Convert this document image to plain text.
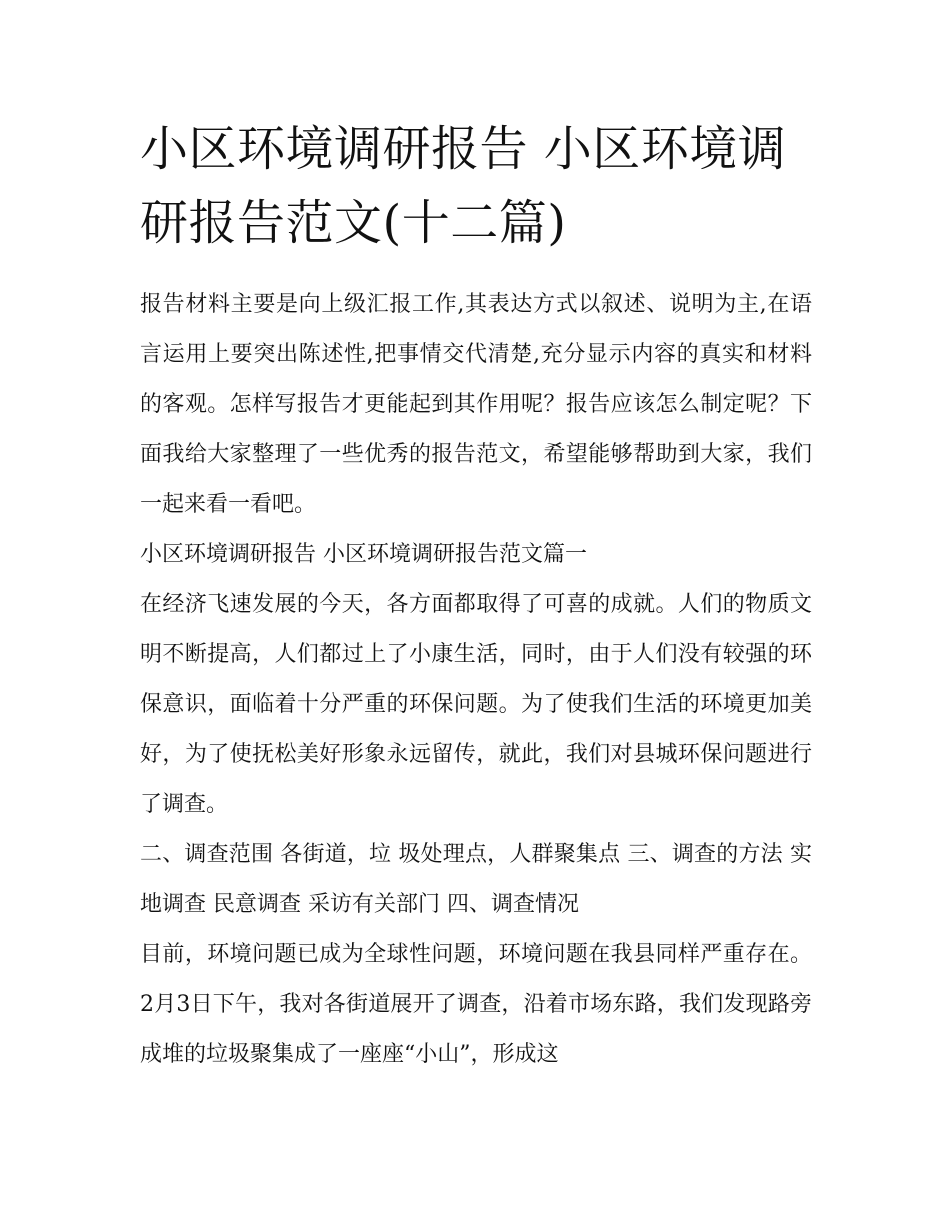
小区环境调研报告 小区环境调研报告范文(十二篇)

报告材料主要是向上级汇报工作,其表达方式以叙述、说明为主,在语言运用上要突出陈述性,把事情交代清楚,充分显示内容的真实和材料的客观。怎样写报告才更能起到其作用呢？报告应该怎么制定呢？下面我给大家整理了一些优秀的报告范文，希望能够帮助到大家，我们一起来看一看吧。

小区环境调研报告 小区环境调研报告范文篇一

在经济飞速发展的今天，各方面都取得了可喜的成就。人们的物质文明不断提高，人们都过上了小康生活，同时，由于人们没有较强的环保意识，面临着十分严重的环保问题。为了使我们生活的环境更加美好，为了使抚松美好形象永远留传，就此，我们对县城环保问题进行了调查。

二、调查范围 各街道，垃 圾处理点，人群聚集点 三、调查的方法 实地调查 民意调查 采访有关部门 四、调查情况

目前，环境问题已成为全球性问题，环境问题在我县同样严重存在。2月3日下午，我对各街道展开了调查，沿着市场东路，我们发现路旁成堆的垃圾聚集成了一座座“小山”，形成这
